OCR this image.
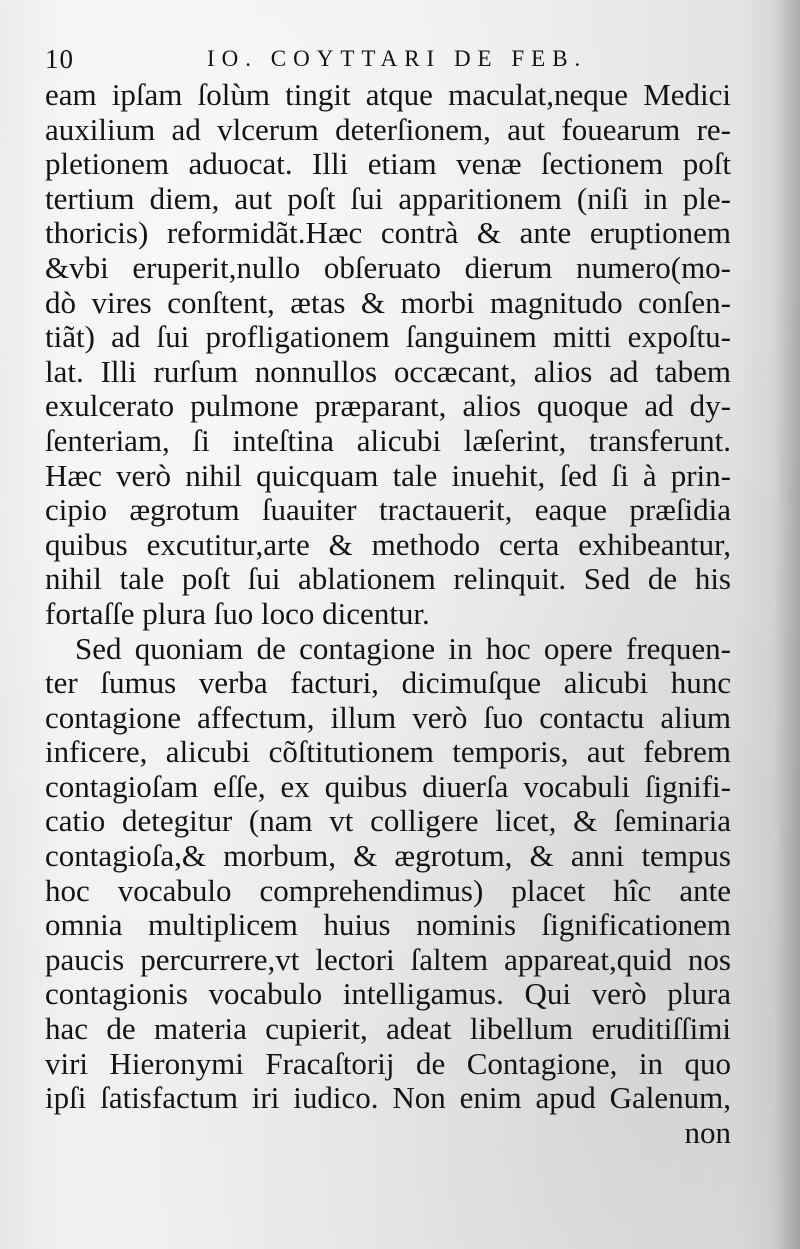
10	IO. COYTTARI DE FEB.
eam ipſam ſolùm tingit atque maculat,neque Medici
auxilium ad vlcerum deterſionem, aut fouearum re-
pletionem aduocat. Illi etiam venæ ſectionem poſt
tertium diem, aut poſt ſui apparitionem (niſi in ple-
thoricis) reformidãt.Hæc contrà & ante eruptionem
&vbi eruperit,nullo obſeruato dierum numero(mo-
dò vires conſtent, ætas & morbi magnitudo conſen-
tiãt) ad ſui profligationem ſanguinem mitti expoſtu-
lat. Illi rurſum nonnullos occæcant, alios ad tabem
exulcerato pulmone præparant, alios quoque ad dy-
ſenteriam, ſi inteſtina alicubi læſerint, transferunt.
Hæc verò nihil quicquam tale inuehit, ſed ſi à prin-
cipio ægrotum ſuauiter tractauerit, eaque præſidia
quibus excutitur,arte & methodo certa exhibeantur,
nihil tale poſt ſui ablationem relinquit. Sed de his
fortaſſe plura ſuo loco dicentur.
Sed quoniam de contagione in hoc opere frequen-
ter ſumus verba facturi, dicimuſque alicubi hunc
contagione affectum, illum verò ſuo contactu alium
inficere, alicubi cõſtitutionem temporis, aut febrem
contagioſam eſſe, ex quibus diuerſa vocabuli ſignifi-
catio detegitur (nam vt colligere licet, & ſeminaria
contagioſa,& morbum, & ægrotum, & anni tempus
hoc vocabulo comprehendimus) placet hîc ante
omnia multiplicem huius nominis ſignificationem
paucis percurrere,vt lectori ſaltem appareat,quid nos
contagionis vocabulo intelligamus. Qui verò plura
hac de materia cupierit, adeat libellum eruditiſſimi
viri Hieronymi Fracaſtorij de Contagione, in quo
ipſi ſatisfactum iri iudico. Non enim apud Galenum,
non
